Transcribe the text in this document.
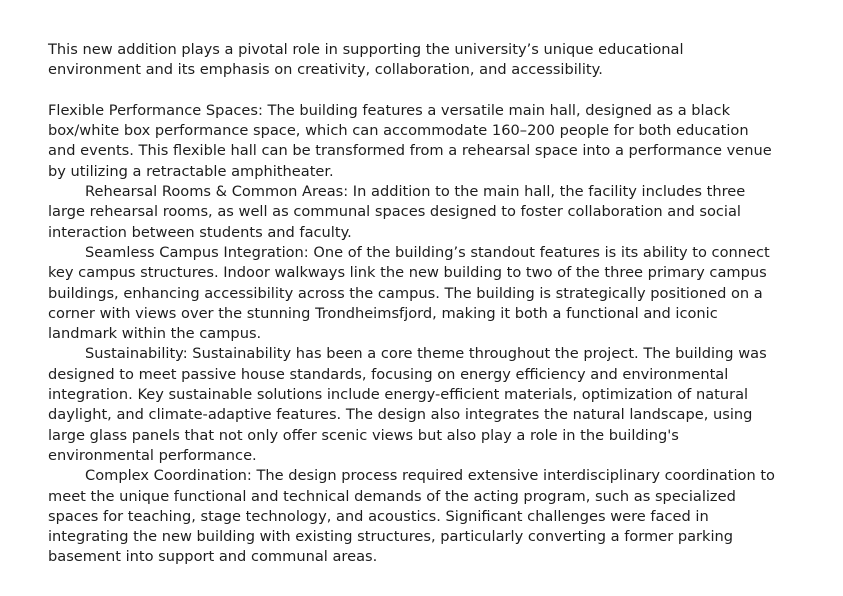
This new addition plays a pivotal role in supporting the university’s unique educational environment and its emphasis on creativity, collaboration, and accessibility.

Flexible Performance Spaces: The building features a versatile main hall, designed as a black box/white box performance space, which can accommodate 160–200 people for both education and events. This flexible hall can be transformed from a rehearsal space into a performance venue by utilizing a retractable amphitheater.

Rehearsal Rooms & Common Areas: In addition to the main hall, the facility includes three large rehearsal rooms, as well as communal spaces designed to foster collaboration and social interaction between students and faculty.

Seamless Campus Integration: One of the building’s standout features is its ability to connect key campus structures. Indoor walkways link the new building to two of the three primary campus buildings, enhancing accessibility across the campus. The building is strategically positioned on a corner with views over the stunning Trondheimsfjord, making it both a functional and iconic landmark within the campus.

Sustainability: Sustainability has been a core theme throughout the project. The building was designed to meet passive house standards, focusing on energy efficiency and environmental integration. Key sustainable solutions include energy-efficient materials, optimization of natural daylight, and climate-adaptive features. The design also integrates the natural landscape, using large glass panels that not only offer scenic views but also play a role in the building's environmental performance.

Complex Coordination: The design process required extensive interdisciplinary coordination to meet the unique functional and technical demands of the acting program, such as specialized spaces for teaching, stage technology, and acoustics. Significant challenges were faced in integrating the new building with existing structures, particularly converting a former parking basement into support and communal areas.
